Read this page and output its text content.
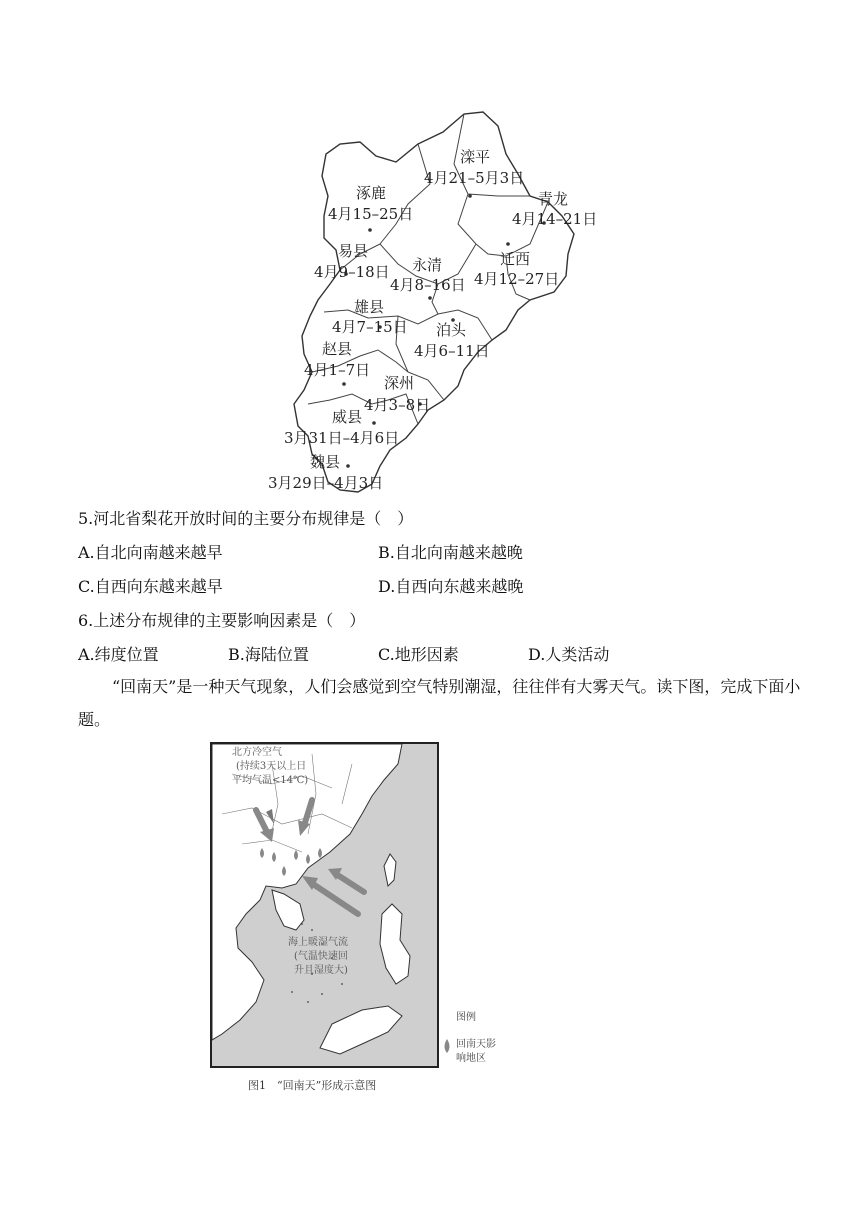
滦平
4月21–5月3日
涿鹿
4月15–25日
青龙
4月14–21日
易县
4月9–18日 永清
4月8–16日
迁西
4月12–27日
雄县
4月7–15日 泊头
4月6–11日
赵县
4月1–7日
深州
4月3–8日
威县
3月31日–4月6日
魏县
3月29日–4月3日
5.河北省梨花开放时间的主要分布规律是（　）
A.自北向南越来越早	B.自北向南越来越晚
C.自西向东越来越早	D.自西向东越来越晚
6.上述分布规律的主要影响因素是（　）
A.纬度位置	B.海陆位置	C.地形因素	D.人类活动
“回南天”是一种天气现象，人们会感觉到空气特别潮湿，往往伴有大雾天气。读下图，完成下面小题。
北方冷空气
(持续3天以上日
平均气温<14℃)
海上暖湿气流
(气温快速回
升且湿度大)
图例
回南天影
响地区
图1　“回南天”形成示意图
